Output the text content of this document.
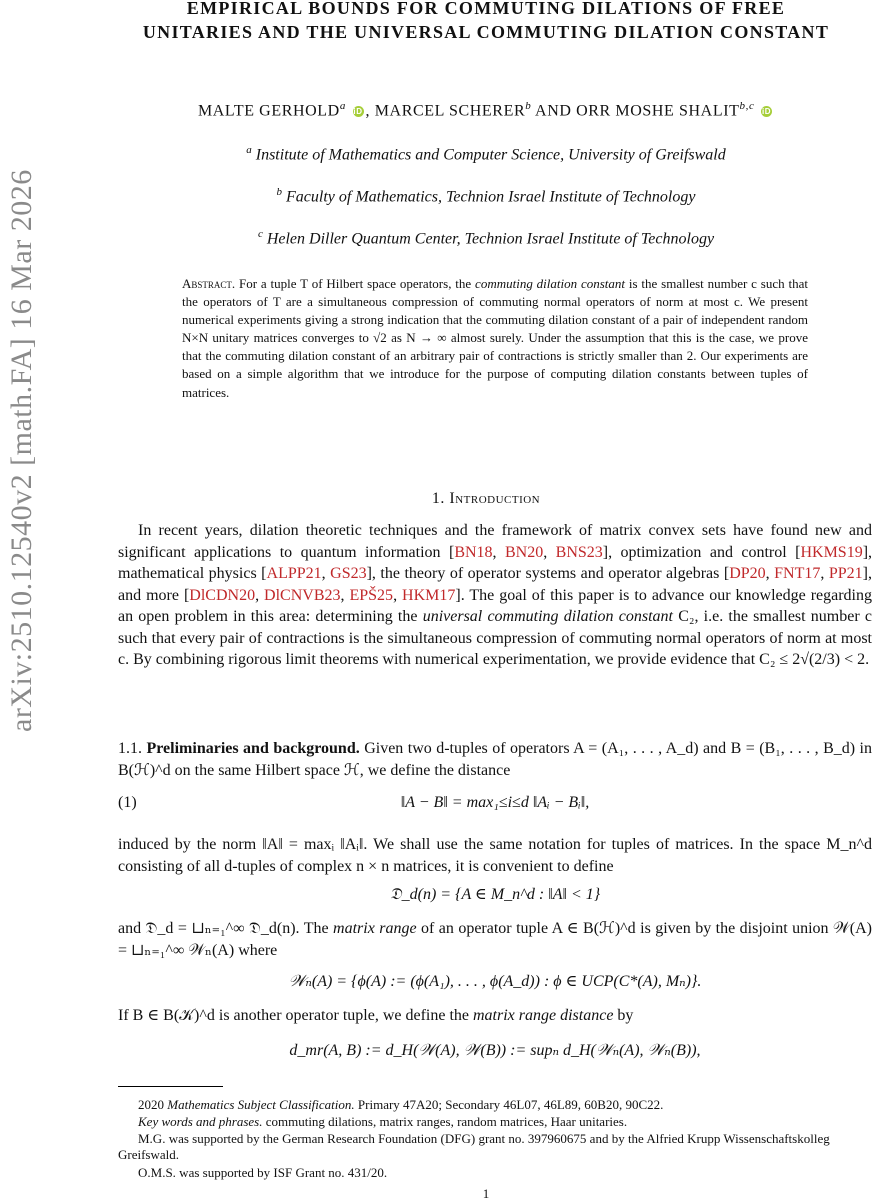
arXiv:2510.12540v2 [math.FA] 16 Mar 2026
EMPIRICAL BOUNDS FOR COMMUTING DILATIONS OF FREE
UNITARIES AND THE UNIVERSAL COMMUTING DILATION CONSTANT
MALTE GERHOLD$^a$ iD , MARCEL SCHERER$^b$ AND ORR MOSHE SHALIT$^{b,c}$ iD
$^a$ Institute of Mathematics and Computer Science, University of Greifswald
$^b$ Faculty of Mathematics, Technion Israel Institute of Technology
$^c$ Helen Diller Quantum Center, Technion Israel Institute of Technology
Abstract. For a tuple T of Hilbert space operators, the commuting dilation constant is the smallest number c such that the operators of T are a simultaneous compression of commuting normal operators of norm at most c. We present numerical experiments giving a strong indication that the commuting dilation constant of a pair of independent random N×N unitary matrices converges to √2 as N → ∞ almost surely. Under the assumption that this is the case, we prove that the commuting dilation constant of an arbitrary pair of contractions is strictly smaller than 2. Our experiments are based on a simple algorithm that we introduce for the purpose of computing dilation constants between tuples of matrices.
1. Introduction
In recent years, dilation theoretic techniques and the framework of matrix convex sets have found new and significant applications to quantum information [BN18, BN20, BNS23], optimization and control [HKMS19], mathematical physics [ALPP21, GS23], the theory of operator systems and operator algebras [DP20, FNT17, PP21], and more [DlCDN20, DlCNVB23, EPŠ25, HKM17]. The goal of this paper is to advance our knowledge regarding an open problem in this area: determining the universal commuting dilation constant C₂, i.e. the smallest number c such that every pair of contractions is the simultaneous compression of commuting normal operators of norm at most c. By combining rigorous limit theorems with numerical experimentation, we provide evidence that C₂ ≤ 2√(2/3) < 2.
1.1. Preliminaries and background. Given two d-tuples of operators A = (A₁, . . . , A_d) and B = (B₁, . . . , B_d) in B(ℋ)^d on the same Hilbert space ℋ, we define the distance
(1)	‖A − B‖ = max₁≤i≤d ‖Aᵢ − Bᵢ‖,
induced by the norm ‖A‖ = maxᵢ ‖Aᵢ‖. We shall use the same notation for tuples of matrices. In the space M_n^d consisting of all d-tuples of complex n × n matrices, it is convenient to define
𝔇_d(n) = {A ∈ M_n^d : ‖A‖ < 1}
and 𝔇_d = ⊔ₙ₌₁^∞ 𝔇_d(n). The matrix range of an operator tuple A ∈ B(ℋ)^d is given by the disjoint union 𝒲(A) = ⊔ₙ₌₁^∞ 𝒲ₙ(A) where
𝒲ₙ(A) = {ϕ(A) := (ϕ(A₁), . . . , ϕ(A_d)) : ϕ ∈ UCP(C*(A), Mₙ)}.
If B ∈ B(𝒦)^d is another operator tuple, we define the matrix range distance by
d_mr(A, B) := d_H(𝒲(A), 𝒲(B)) := supₙ d_H(𝒲ₙ(A), 𝒲ₙ(B)),
2020 Mathematics Subject Classification. Primary 47A20; Secondary 46L07, 46L89, 60B20, 90C22.
Key words and phrases. commuting dilations, matrix ranges, random matrices, Haar unitaries.
M.G. was supported by the German Research Foundation (DFG) grant no. 397960675 and by the Alfried Krupp Wissenschaftskolleg Greifswald.
O.M.S. was supported by ISF Grant no. 431/20.
1
